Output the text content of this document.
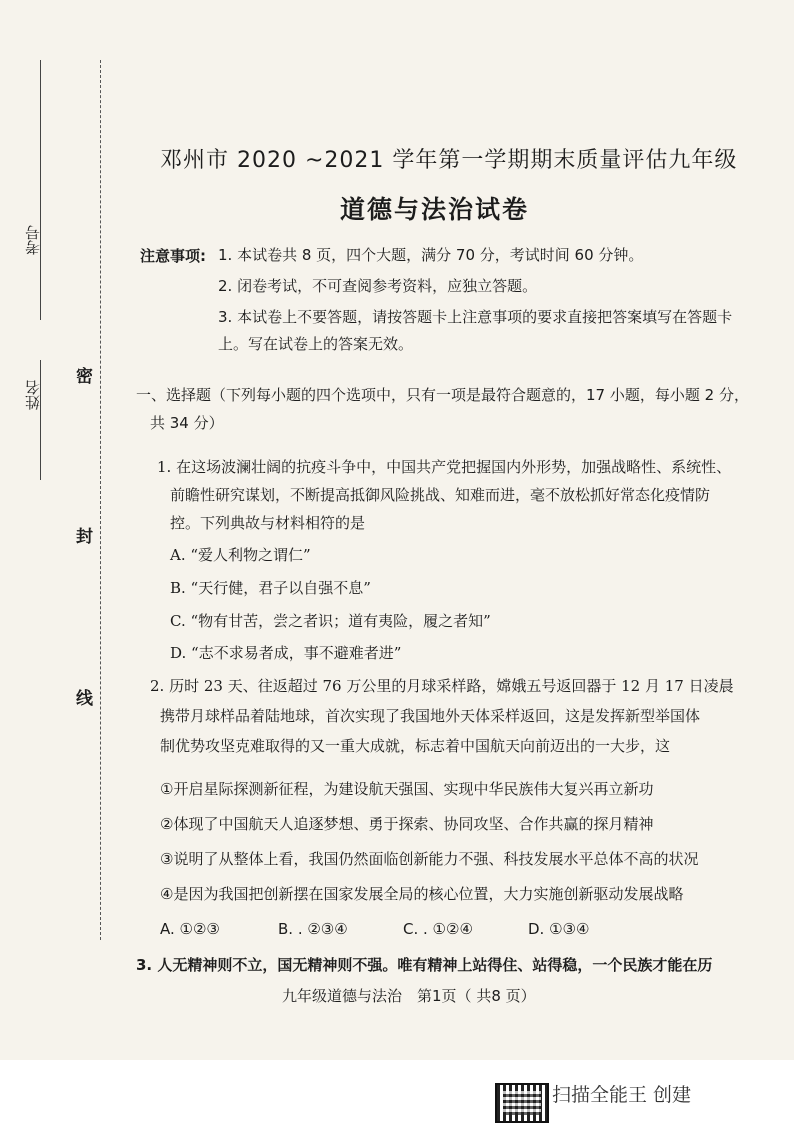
考号
姓名
密
封
线
邓州市 2020 ~2021 学年第一学期期末质量评估九年级
道德与法治试卷
注意事项: 1. 本试卷共 8 页，四个大题，满分 70 分，考试时间 60 分钟。
2. 闭卷考试，不可查阅参考资料，应独立答题。
3. 本试卷上不要答题，请按答题卡上注意事项的要求直接把答案填写在答题卡
上。写在试卷上的答案无效。
一、选择题（下列每小题的四个选项中，只有一项是最符合题意的，17 小题，每小题 2 分，
共 34 分）
1. 在这场波澜壮阔的抗疫斗争中，中国共产党把握国内外形势，加强战略性、系统性、
前瞻性研究谋划，不断提高抵御风险挑战、知难而进，毫不放松抓好常态化疫情防
控。下列典故与材料相符的是
A. “爱人利物之谓仁”
B. “天行健，君子以自强不息”
C. “物有甘苦，尝之者识；道有夷险，履之者知”
D. “志不求易者成，事不避难者进”
2. 历时 23 天、往返超过 76 万公里的月球采样路，嫦娥五号返回器于 12 月 17 日凌晨
携带月球样品着陆地球，首次实现了我国地外天体采样返回，这是发挥新型举国体
制优势攻坚克难取得的又一重大成就，标志着中国航天向前迈出的一大步，这
①开启星际探测新征程，为建设航天强国、实现中华民族伟大复兴再立新功
②体现了中国航天人追逐梦想、勇于探索、协同攻坚、合作共赢的探月精神
③说明了从整体上看，我国仍然面临创新能力不强、科技发展水平总体不高的状况
④是因为我国把创新摆在国家发展全局的核心位置，大力实施创新驱动发展战略
A. ①②③	B. . ②③④	C. . ①②④	D. ①③④
3. 人无精神则不立，国无精神则不强。唯有精神上站得住、站得稳，一个民族才能在历
九年级道德与法治　第1页（ 共8 页）
扫描全能王 创建
